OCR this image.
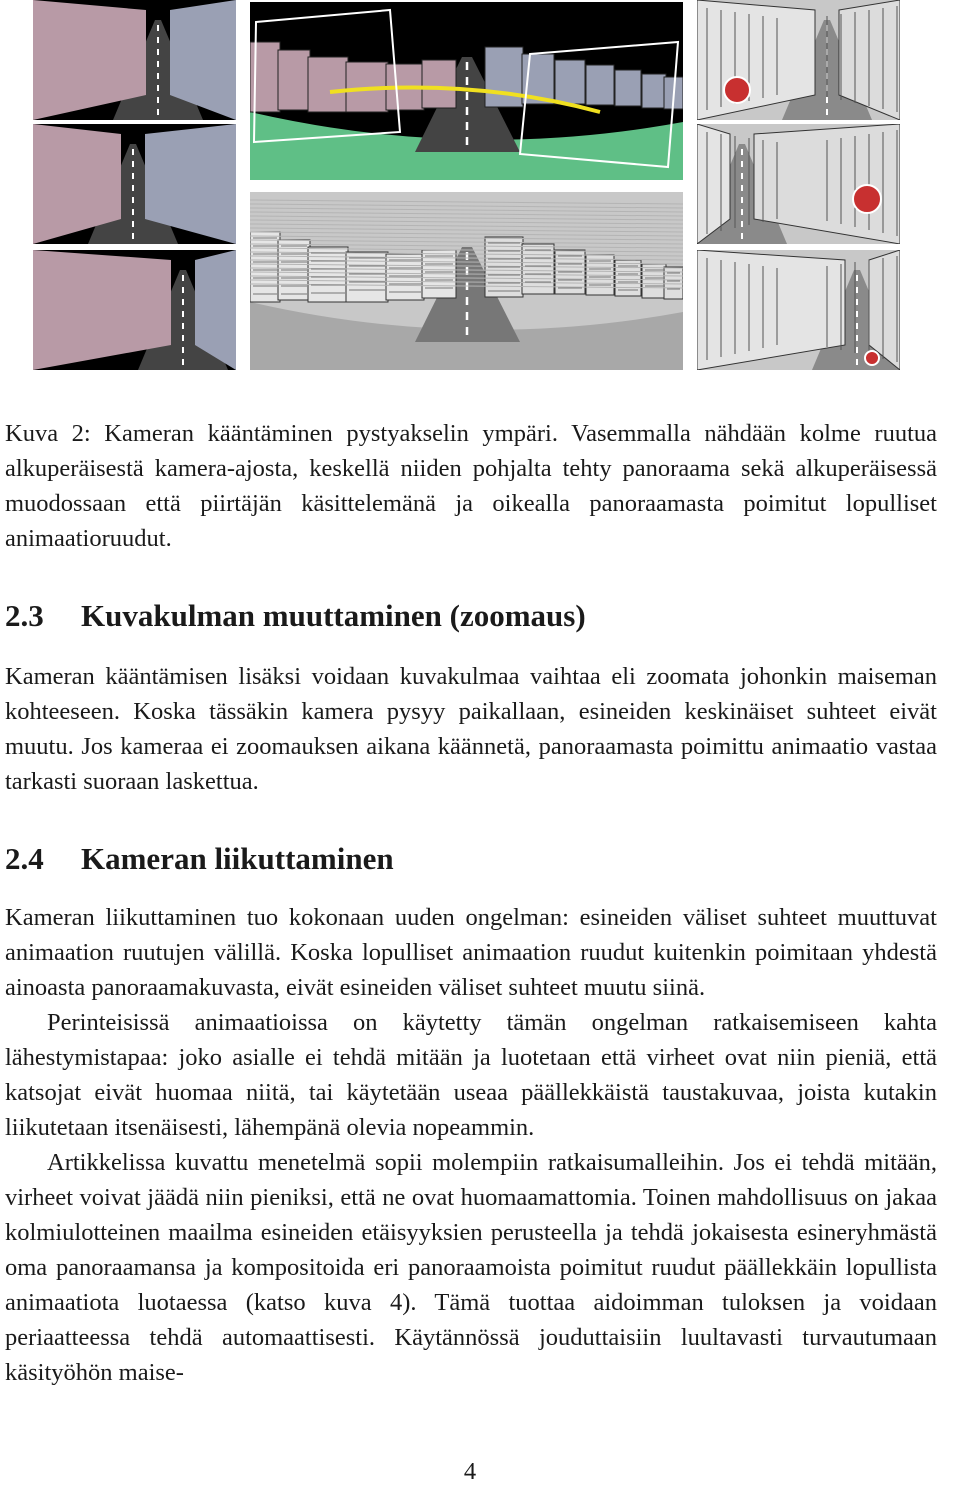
Kuva 2: Kameran kääntäminen pystyakselin ympäri. Vasemmalla nähdään kolme ruutua alkuperäisestä kamera-ajosta, keskellä niiden pohjalta tehty panoraama sekä alkuperäisessä muodossaan että piirtäjän käsittelemänä ja oikealla panoraamasta poimitut lopulliset animaatioruudut.

2.3 Kuvakulman muuttaminen (zoomaus)

Kameran kääntämisen lisäksi voidaan kuvakulmaa vaihtaa eli zoomata johonkin maiseman kohteeseen. Koska tässäkin kamera pysyy paikallaan, esineiden keskinäiset suhteet eivät muutu. Jos kameraa ei zoomauksen aikana käännetä, panoraamasta poimittu animaatio vastaa tarkasti suoraan laskettua.

2.4 Kameran liikuttaminen

Kameran liikuttaminen tuo kokonaan uuden ongelman: esineiden väliset suhteet muuttuvat animaation ruutujen välillä. Koska lopulliset animaation ruudut kuitenkin poimitaan yhdestä ainoasta panoraamakuvasta, eivät esineiden väliset suhteet muutu siinä.

Perinteisissä animaatioissa on käytetty tämän ongelman ratkaisemiseen kahta lähestymistapaa: joko asialle ei tehdä mitään ja luotetaan että virheet ovat niin pieniä, että katsojat eivät huomaa niitä, tai käytetään useaa päällekkäistä taustakuvaa, joista kutakin liikutetaan itsenäisesti, lähempänä olevia nopeammin.

Artikkelissa kuvattu menetelmä sopii molempiin ratkaisumalleihin. Jos ei tehdä mitään, virheet voivat jäädä niin pieniksi, että ne ovat huomaamattomia. Toinen mahdollisuus on jakaa kolmiulotteinen maailma esineiden etäisyyksien perusteella ja tehdä jokaisesta esineryhmästä oma panoraamansa ja kompositoida eri panoraamoista poimitut ruudut päällekkäin lopullista animaatiota luotaessa (katso kuva 4). Tämä tuottaa aidoimman tuloksen ja voidaan periaatteessa tehdä automaattisesti. Käytännössä jouduttaisiin luultavasti turvautumaan käsityöhön maise-

4
